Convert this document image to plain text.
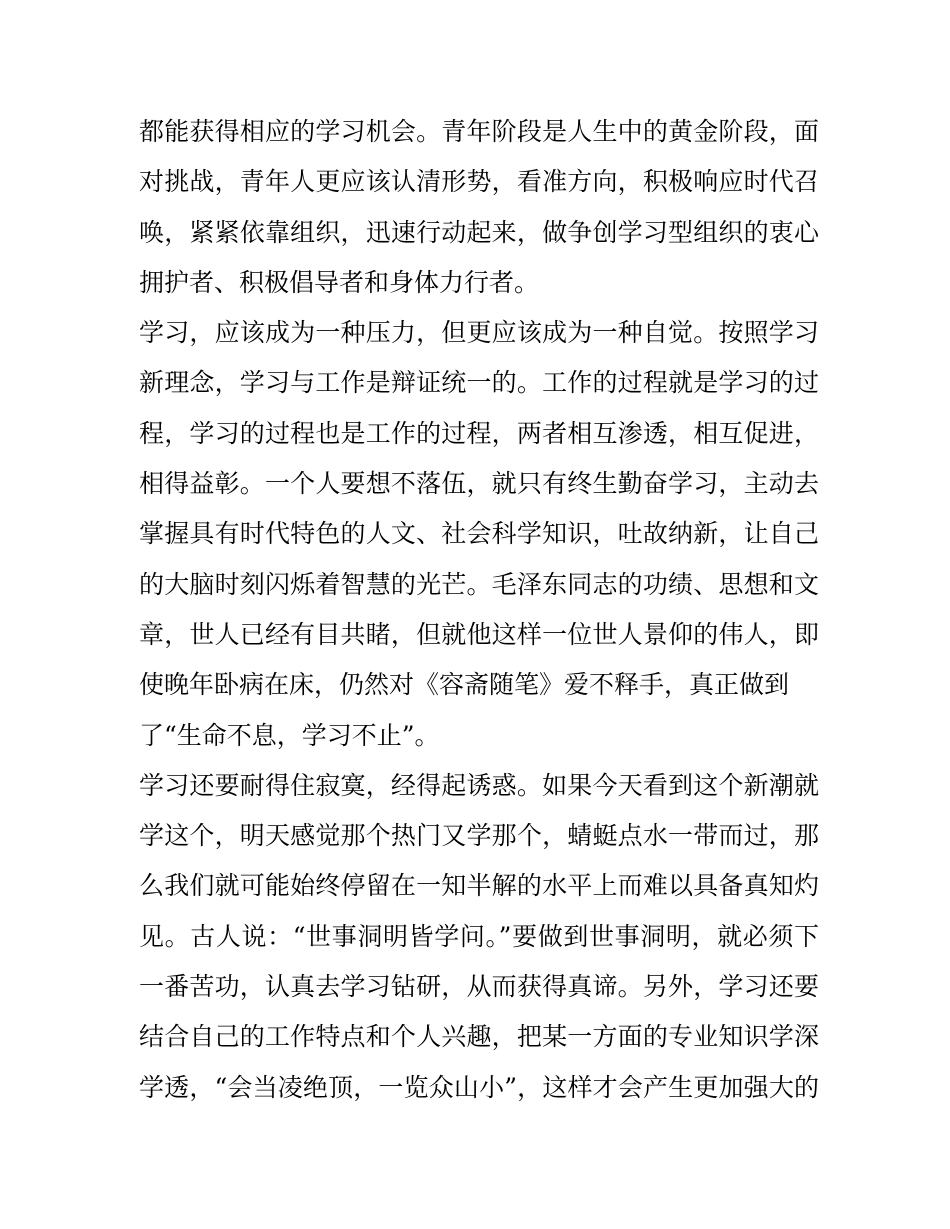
都能获得相应的学习机会。青年阶段是人生中的黄金阶段，面
对挑战，青年人更应该认清形势，看准方向，积极响应时代召
唤，紧紧依靠组织，迅速行动起来，做争创学习型组织的衷心
拥护者、积极倡导者和身体力行者。
学习，应该成为一种压力，但更应该成为一种自觉。按照学习
新理念，学习与工作是辩证统一的。工作的过程就是学习的过
程，学习的过程也是工作的过程，两者相互渗透，相互促进，
相得益彰。一个人要想不落伍，就只有终生勤奋学习，主动去
掌握具有时代特色的人文、社会科学知识，吐故纳新，让自己
的大脑时刻闪烁着智慧的光芒。毛泽东同志的功绩、思想和文
章，世人已经有目共睹，但就他这样一位世人景仰的伟人，即
使晚年卧病在床，仍然对《容斋随笔》爱不释手，真正做到
了“生命不息，学习不止”。
学习还要耐得住寂寞，经得起诱惑。如果今天看到这个新潮就
学这个，明天感觉那个热门又学那个，蜻蜓点水一带而过，那
么我们就可能始终停留在一知半解的水平上而难以具备真知灼
见。古人说：“世事洞明皆学问。”要做到世事洞明，就必须下
一番苦功，认真去学习钻研，从而获得真谛。另外，学习还要
结合自己的工作特点和个人兴趣，把某一方面的专业知识学深
学透，“会当凌绝顶，一览众山小”，这样才会产生更加强大的
